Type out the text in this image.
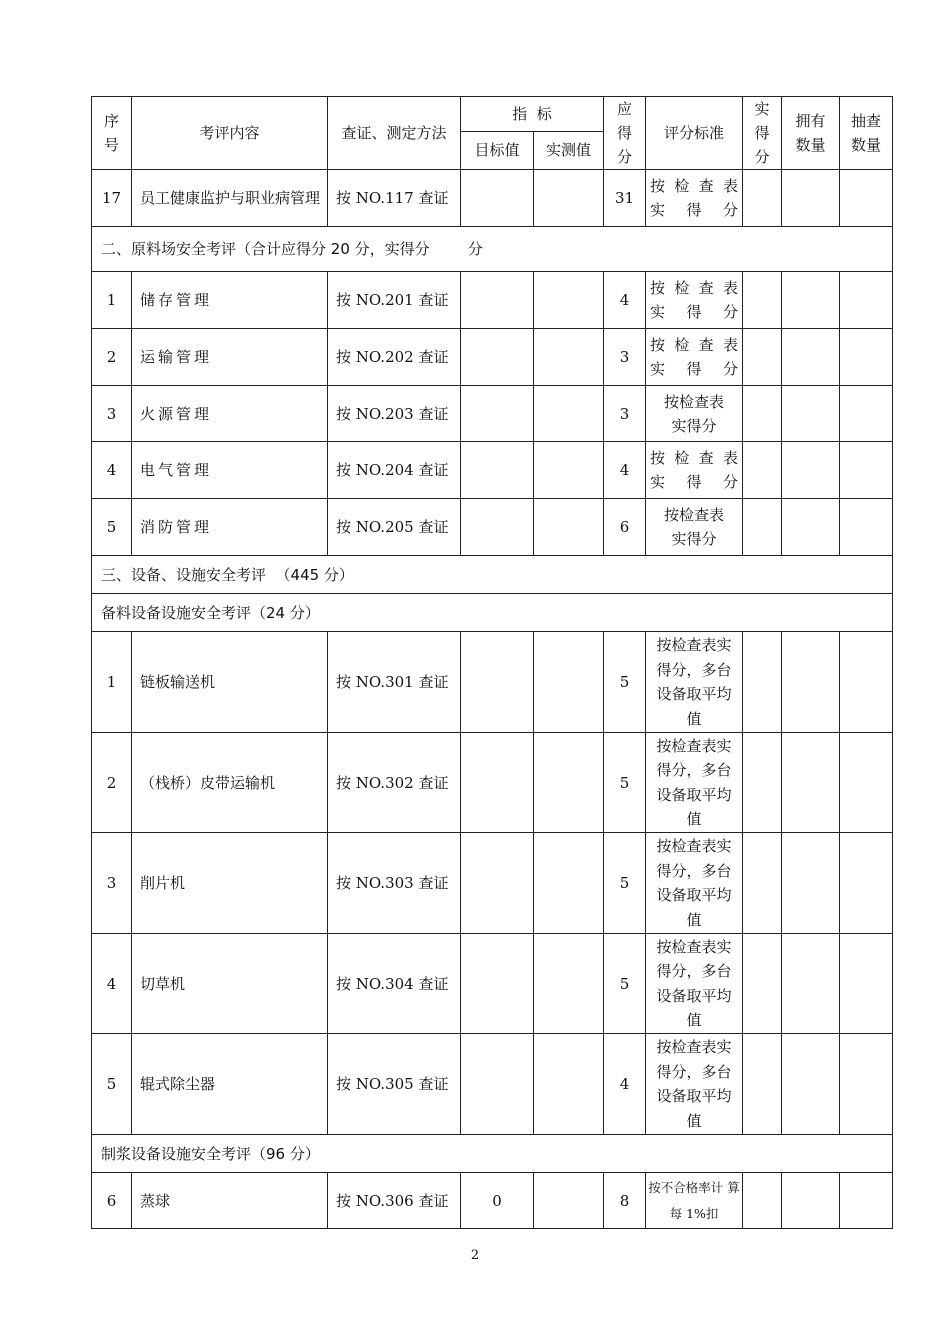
序号	考评内容	查证、测定方法	指  标		应得分	评分标准	实得分	拥有数量	抽查数量
			目标值	实测值					
17	员工健康监护与职业病管理	按 NO.117 查证			31	按 检 查 表 实得分			
二、原料场安全考评（合计应得分 20 分，实得分        分									
1	储存管理	按 NO.201 查证			4	按 检 查 表 实得分			
2	运输管理	按 NO.202 查证			3	按 检 查 表 实得分			
3	火源管理	按 NO.203 查证			3	按检查表 实得分			
4	电气管理	按 NO.204 查证			4	按 检 查 表 实得分			
5	消防管理	按 NO.205 查证			6	按检查表 实得分			
三、设备、设施安全考评  （445 分）									
备料设备设施安全考评（24 分）									
1	链板输送机	按 NO.301 查证			5	按检查表实 得分，多台 设备取平均 值			
2	（栈桥）皮带运输机	按 NO.302 查证			5	按检查表实 得分，多台 设备取平均 值			
3	削片机	按 NO.303 查证			5	按检查表实 得分，多台 设备取平均 值			
4	切草机	按 NO.304 查证			5	按检查表实 得分，多台 设备取平均 值			
5	辊式除尘器	按 NO.305 查证			4	按检查表实 得分，多台 设备取平均 值			
制浆设备设施安全考评（96 分）									
6	蒸球	按 NO.306 查证	0		8	按不合格率计 算每 1%扣			
2
